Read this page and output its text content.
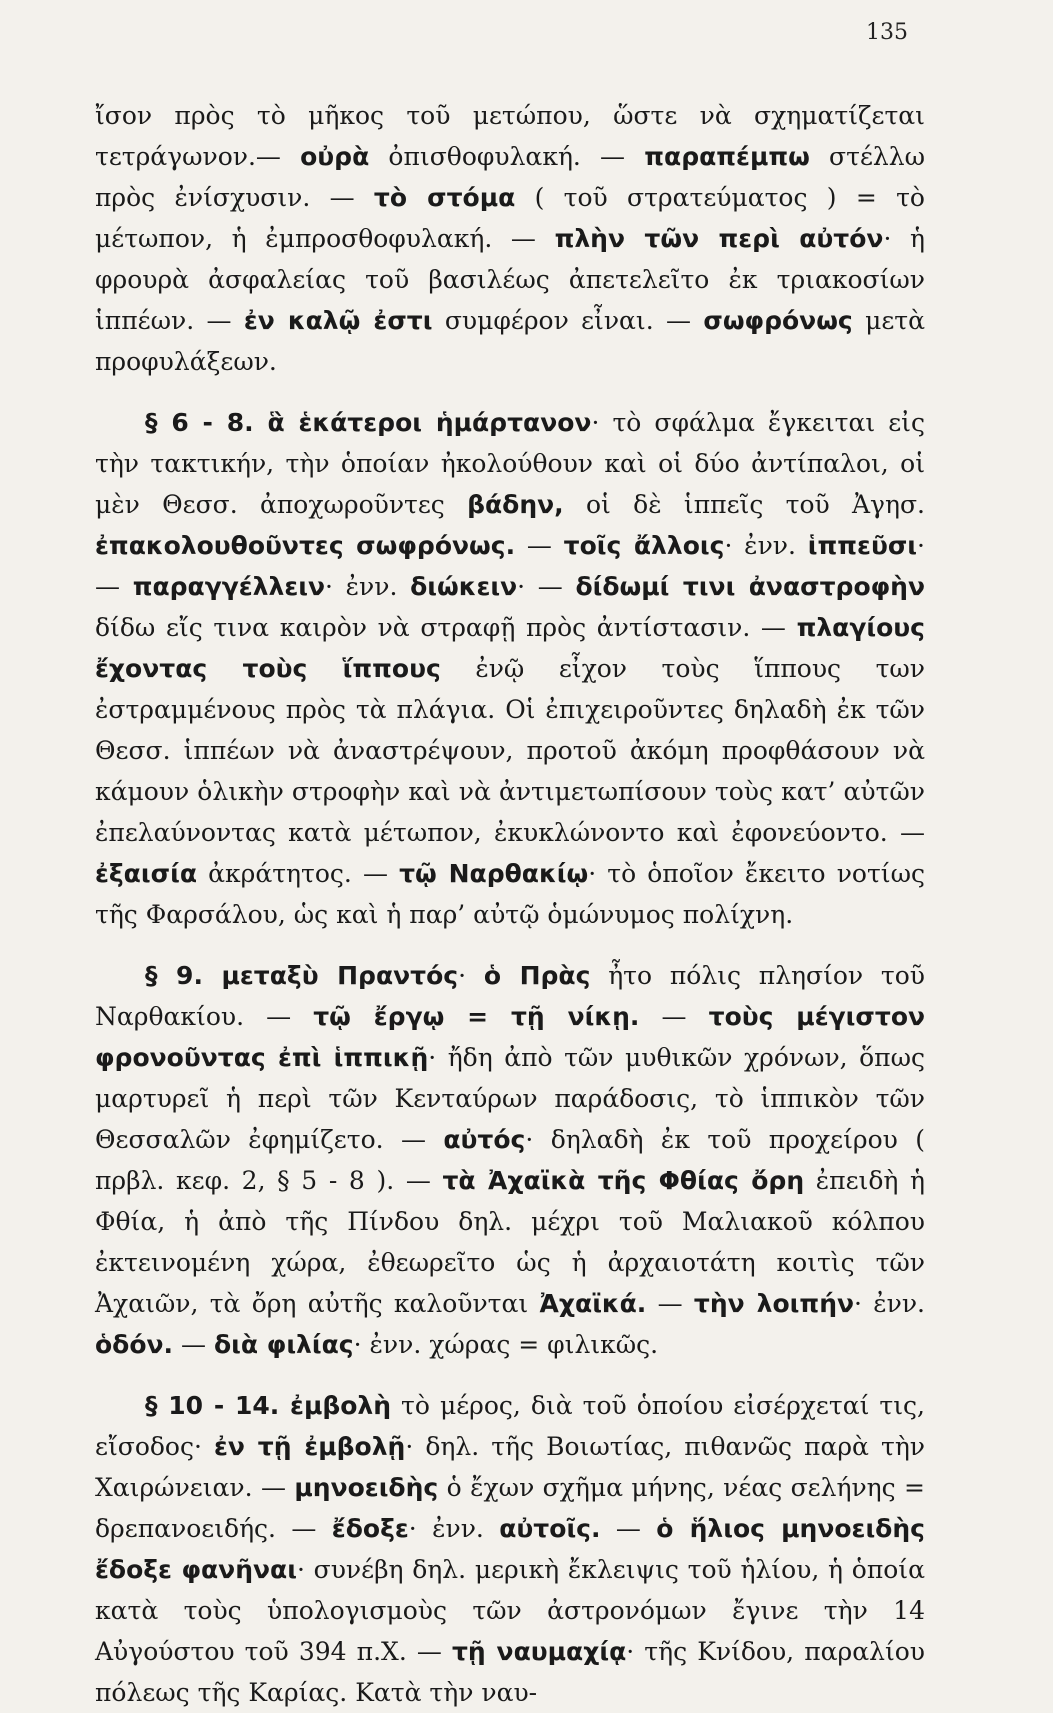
135

ἴσον πρὸς τὸ μῆκος τοῦ μετώπου, ὥστε νὰ σχηματίζεται τετράγωνον.— οὐρὰ ὀπισθοφυλακή. — παραπέμπω στέλλω πρὸς ἐνίσχυσιν. — τὸ στόμα ( τοῦ στρατεύματος ) = τὸ μέτωπον, ἡ ἐμπροσθοφυλακή. — πλὴν τῶν περὶ αὐτόν· ἡ φρουρὰ ἀσφαλείας τοῦ βασιλέως ἀπετελεῖτο ἐκ τριακοσίων ἱππέων. — ἐν καλῷ ἐστι συμφέρον εἶναι. — σωφρόνως μετὰ προφυλάξεων.

§ 6 - 8. ἃ ἑκάτεροι ἡμάρτανον· τὸ σφάλμα ἔγκειται εἰς τὴν τακτικήν, τὴν ὁποίαν ἠκολούθουν καὶ οἱ δύο ἀντίπαλοι, οἱ μὲν Θεσσ. ἀποχωροῦντες βάδην, οἱ δὲ ἱππεῖς τοῦ Ἀγησ. ἐπακολουθοῦντες σωφρόνως. — τοῖς ἄλλοις· ἐνν. ἱππεῦσι· — παραγγέλλειν· ἐνν. διώκειν· — δίδωμί τινι ἀναστροφὴν δίδω εἴς τινα καιρὸν νὰ στραφῇ πρὸς ἀντίστασιν. — πλαγίους ἔχοντας τοὺς ἵππους ἐνῷ εἶχον τοὺς ἵππους των ἐστραμμένους πρὸς τὰ πλάγια. Οἱ ἐπιχειροῦντες δηλαδὴ ἐκ τῶν Θεσσ. ἱππέων νὰ ἀναστρέψουν, προτοῦ ἀκόμη προφθάσουν νὰ κάμουν ὁλικὴν στροφὴν καὶ νὰ ἀντιμετωπίσουν τοὺς κατ’ αὐτῶν ἐπελαύνοντας κατὰ μέτωπον, ἐκυκλώνοντο καὶ ἐφονεύοντο. — ἐξαισία ἀκράτητος. — τῷ Ναρθακίῳ· τὸ ὁποῖον ἔκειτο νοτίως τῆς Φαρσάλου, ὡς καὶ ἡ παρ’ αὐτῷ ὁμώνυμος πολίχνη.

§ 9. μεταξὺ Πραντός· ὁ Πρὰς ἦτο πόλις πλησίον τοῦ Ναρθακίου. — τῷ ἔργῳ = τῇ νίκῃ. — τοὺς μέγιστον φρονοῦντας ἐπὶ ἱππικῇ· ἤδη ἀπὸ τῶν μυθικῶν χρόνων, ὅπως μαρτυρεῖ ἡ περὶ τῶν Κενταύρων παράδοσις, τὸ ἱππικὸν τῶν Θεσσαλῶν ἐφημίζετο. — αὐτός· δηλαδὴ ἐκ τοῦ προχείρου ( πρβλ. κεφ. 2, § 5 - 8 ). — τὰ Ἀχαϊκὰ τῆς Φθίας ὄρη ἐπειδὴ ἡ Φθία, ἡ ἀπὸ τῆς Πίνδου δηλ. μέχρι τοῦ Μαλιακοῦ κόλπου ἐκτεινομένη χώρα, ἐθεωρεῖτο ὡς ἡ ἀρχαιοτάτη κοιτὶς τῶν Ἀχαιῶν, τὰ ὄρη αὐτῆς καλοῦνται Ἀχαϊκά. — τὴν λοιπήν· ἐνν. ὁδόν. — διὰ φιλίας· ἐνν. χώρας = φιλικῶς.

§ 10 - 14. ἐμβολὴ τὸ μέρος, διὰ τοῦ ὁποίου εἰσέρχεταί τις, εἴσοδος· ἐν τῇ ἐμβολῇ· δηλ. τῆς Βοιωτίας, πιθανῶς παρὰ τὴν Χαιρώνειαν. — μηνοειδὴς ὁ ἔχων σχῆμα μήνης, νέας σελήνης = δρεπανοειδής. — ἔδοξε· ἐνν. αὐτοῖς. — ὁ ἥλιος μηνοειδὴς ἔδοξε φανῆναι· συνέβη δηλ. μερικὴ ἔκλειψις τοῦ ἡλίου, ἡ ὁποία κατὰ τοὺς ὑπολογισμοὺς τῶν ἀστρονόμων ἔγινε τὴν 14 Αὐγούστου τοῦ 394 π.Χ. — τῇ ναυμαχίᾳ· τῆς Κνίδου, παραλίου πόλεως τῆς Καρίας. Κατὰ τὴν ναυ-
